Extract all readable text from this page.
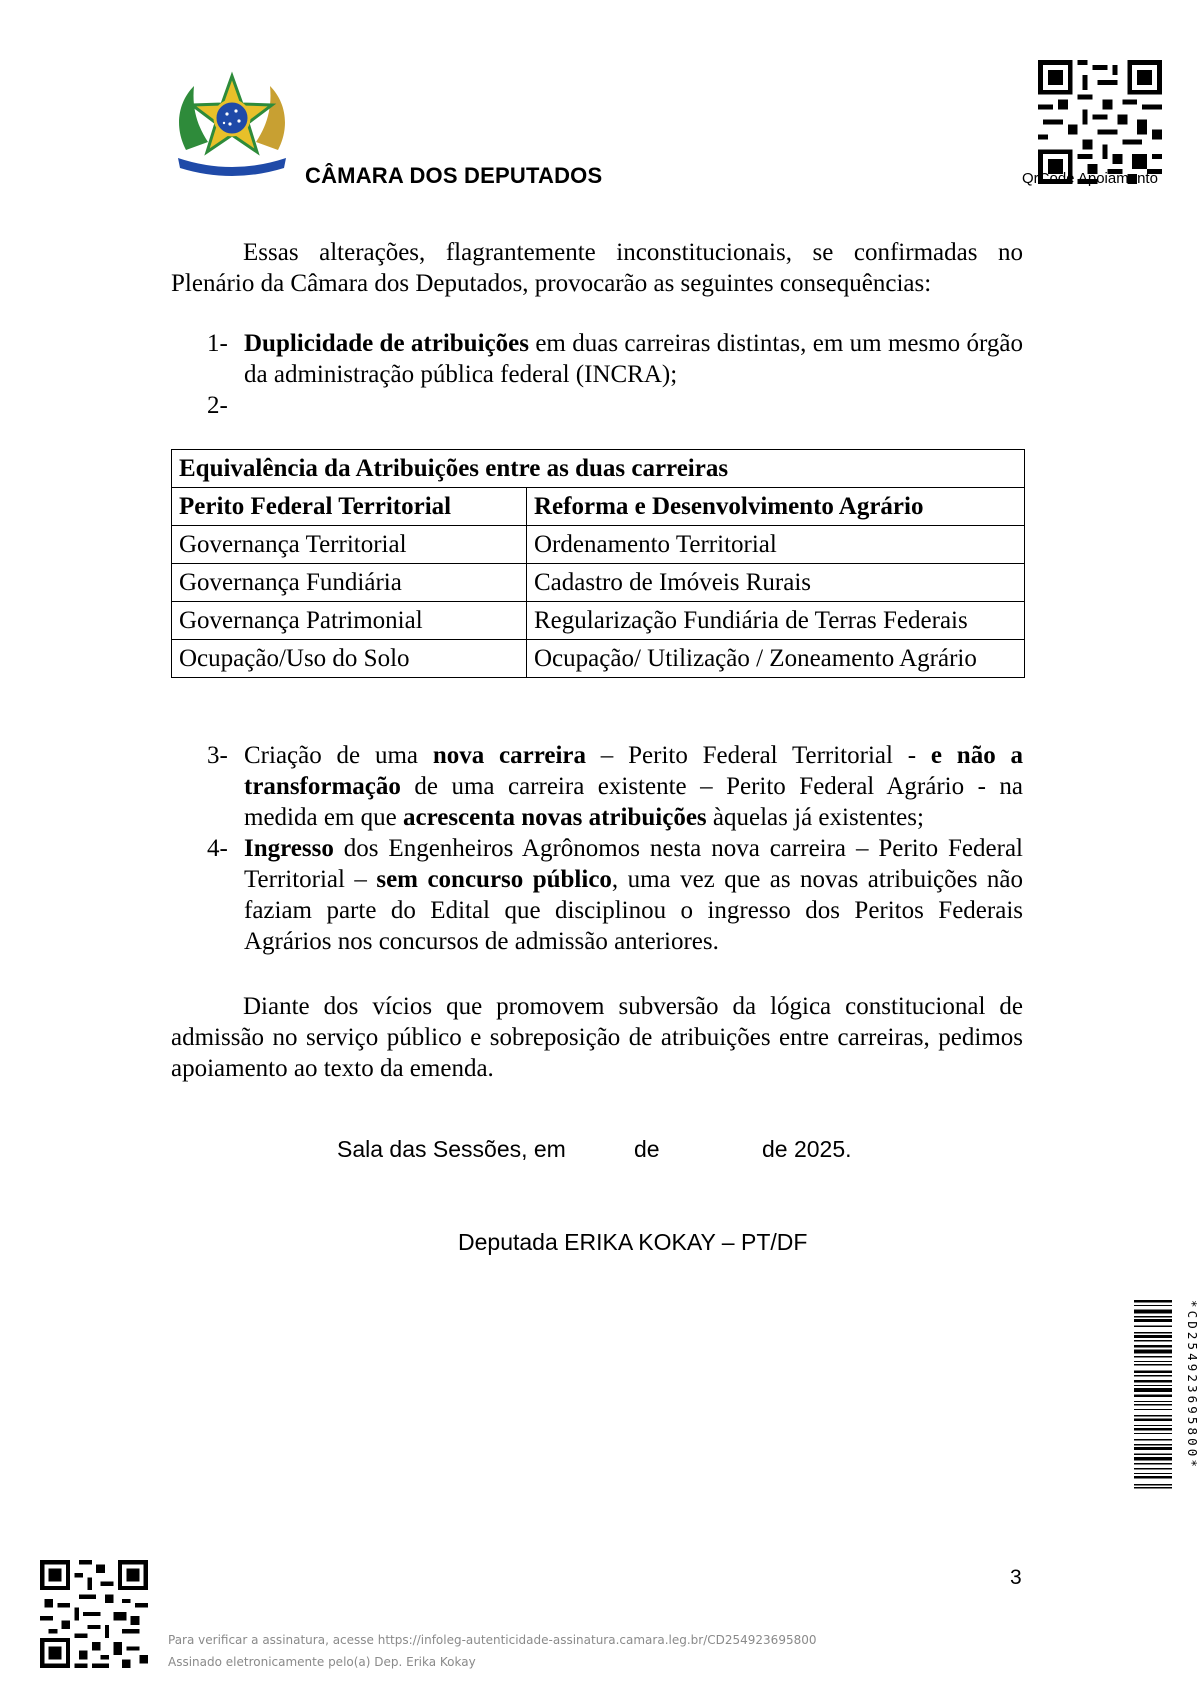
CÂMARA DOS DEPUTADOS	QrCode Apoiamento
Essas alterações, flagrantemente inconstitucionais, se confirmadas no Plenário da Câmara dos Deputados, provocarão as seguintes consequências:
1- Duplicidade de atribuições em duas carreiras distintas, em um mesmo órgão da administração pública federal (INCRA);
2-
Equivalência da Atribuições entre as duas carreiras	
Perito Federal Territorial	Reforma e Desenvolvimento Agrário
Governança Territorial	Ordenamento Territorial
Governança Fundiária	Cadastro de Imóveis Rurais
Governança Patrimonial	Regularização Fundiária de Terras Federais
Ocupação/Uso do Solo	Ocupação/ Utilização / Zoneamento Agrário
3- Criação de uma nova carreira – Perito Federal Territorial - e não a transformação de uma carreira existente – Perito Federal Agrário - na medida em que acrescenta novas atribuições àquelas já existentes;
4- Ingresso dos Engenheiros Agrônomos nesta nova carreira – Perito Federal Territorial – sem concurso público, uma vez que as novas atribuições não faziam parte do Edital que disciplinou o ingresso dos Peritos Federais Agrários nos concursos de admissão anteriores.
Diante dos vícios que promovem subversão da lógica constitucional de admissão no serviço público e sobreposição de atribuições entre carreiras, pedimos apoiamento ao texto da emenda.
Sala das Sessões, em	de	de 2025.
Deputada ERIKA KOKAY – PT/DF
*CD254923695800*
3
Para verificar a assinatura, acesse https://infoleg-autenticidade-assinatura.camara.leg.br/CD254923695800
Assinado eletronicamente pelo(a) Dep. Erika Kokay
